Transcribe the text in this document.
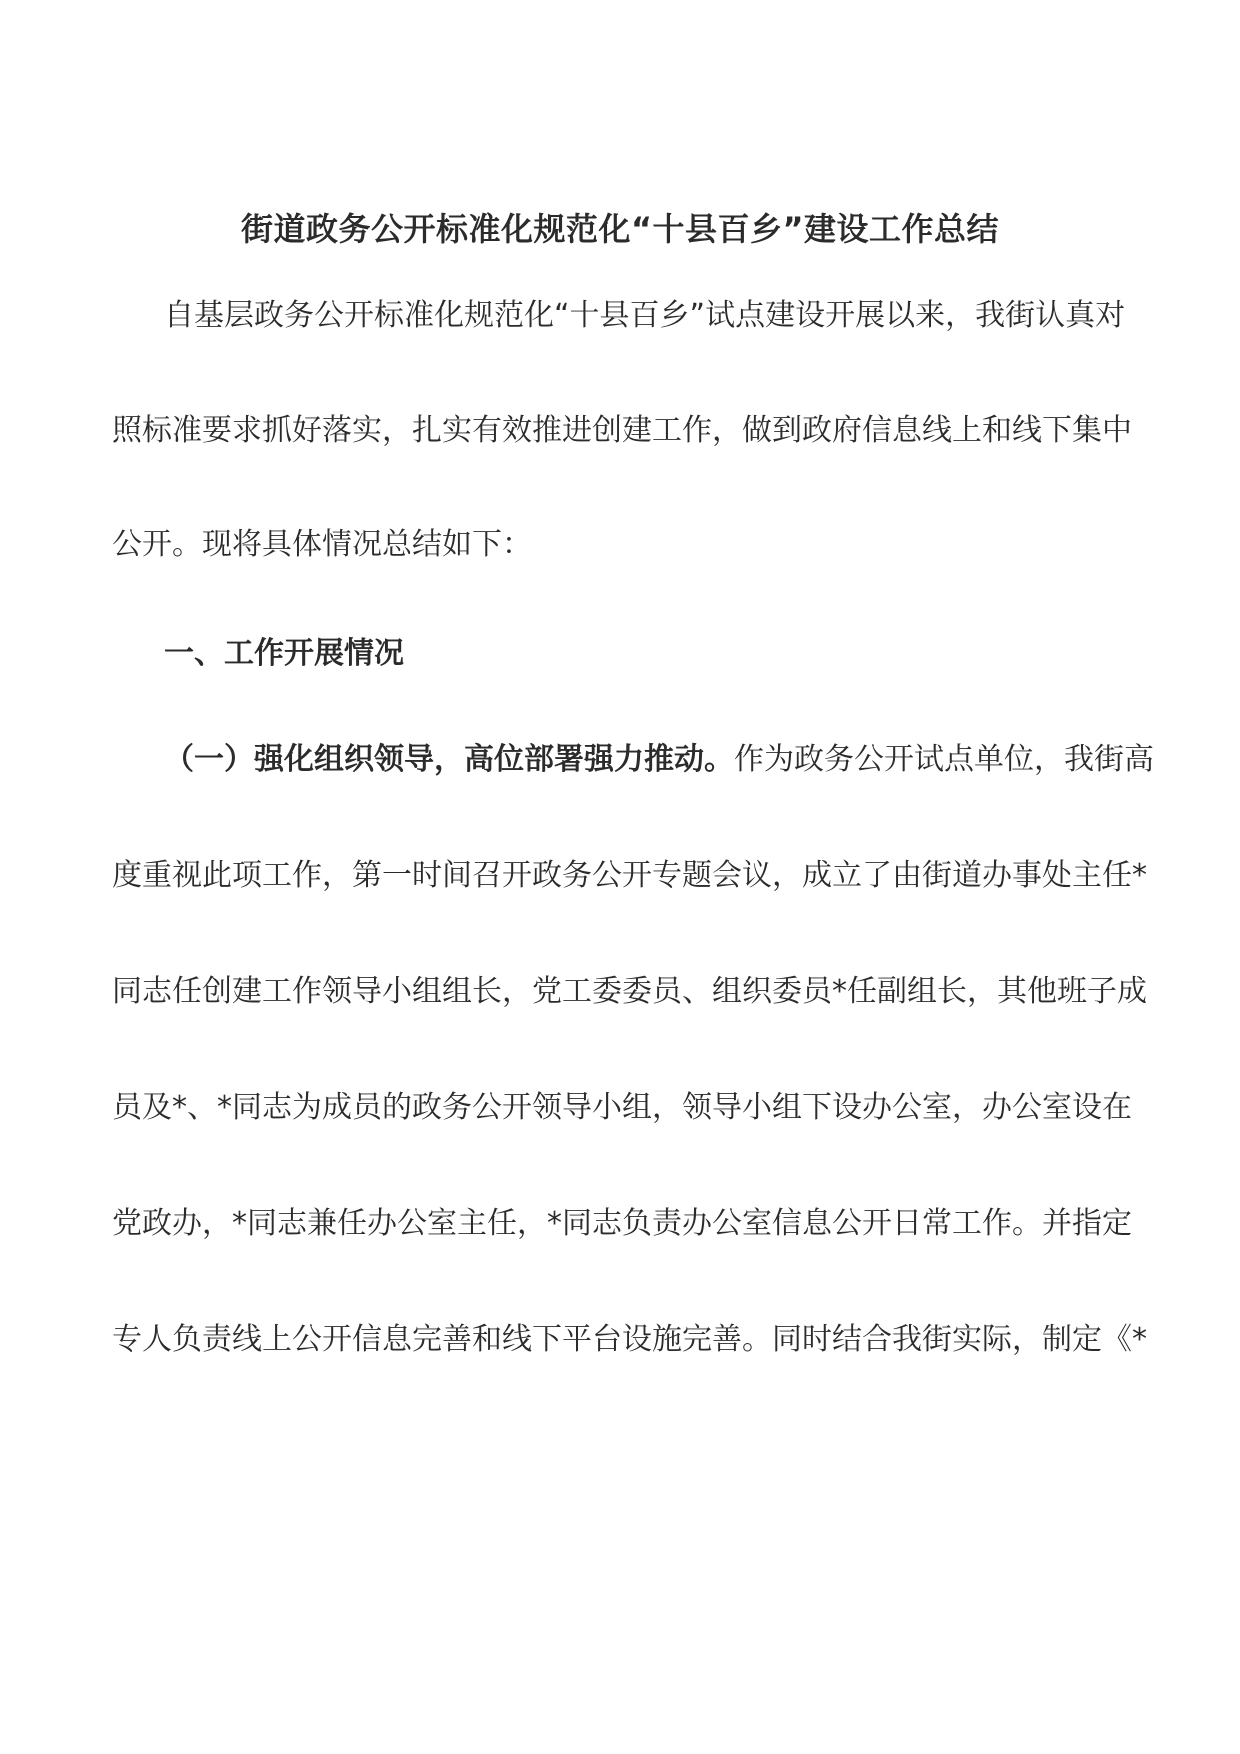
街道政务公开标准化规范化“十县百乡”建设工作总结

自基层政务公开标准化规范化“十县百乡”试点建设开展以来，我街认真对

照标准要求抓好落实，扎实有效推进创建工作，做到政府信息线上和线下集中

公开。现将具体情况总结如下：

一、工作开展情况

（一）强化组织领导，高位部署强力推动。作为政务公开试点单位，我街高

度重视此项工作，第一时间召开政务公开专题会议，成立了由街道办事处主任*

同志任创建工作领导小组组长，党工委委员、组织委员*任副组长，其他班子成

员及*、*同志为成员的政务公开领导小组，领导小组下设办公室，办公室设在

党政办，*同志兼任办公室主任，*同志负责办公室信息公开日常工作。并指定

专人负责线上公开信息完善和线下平台设施完善。同时结合我街实际，制定《*
